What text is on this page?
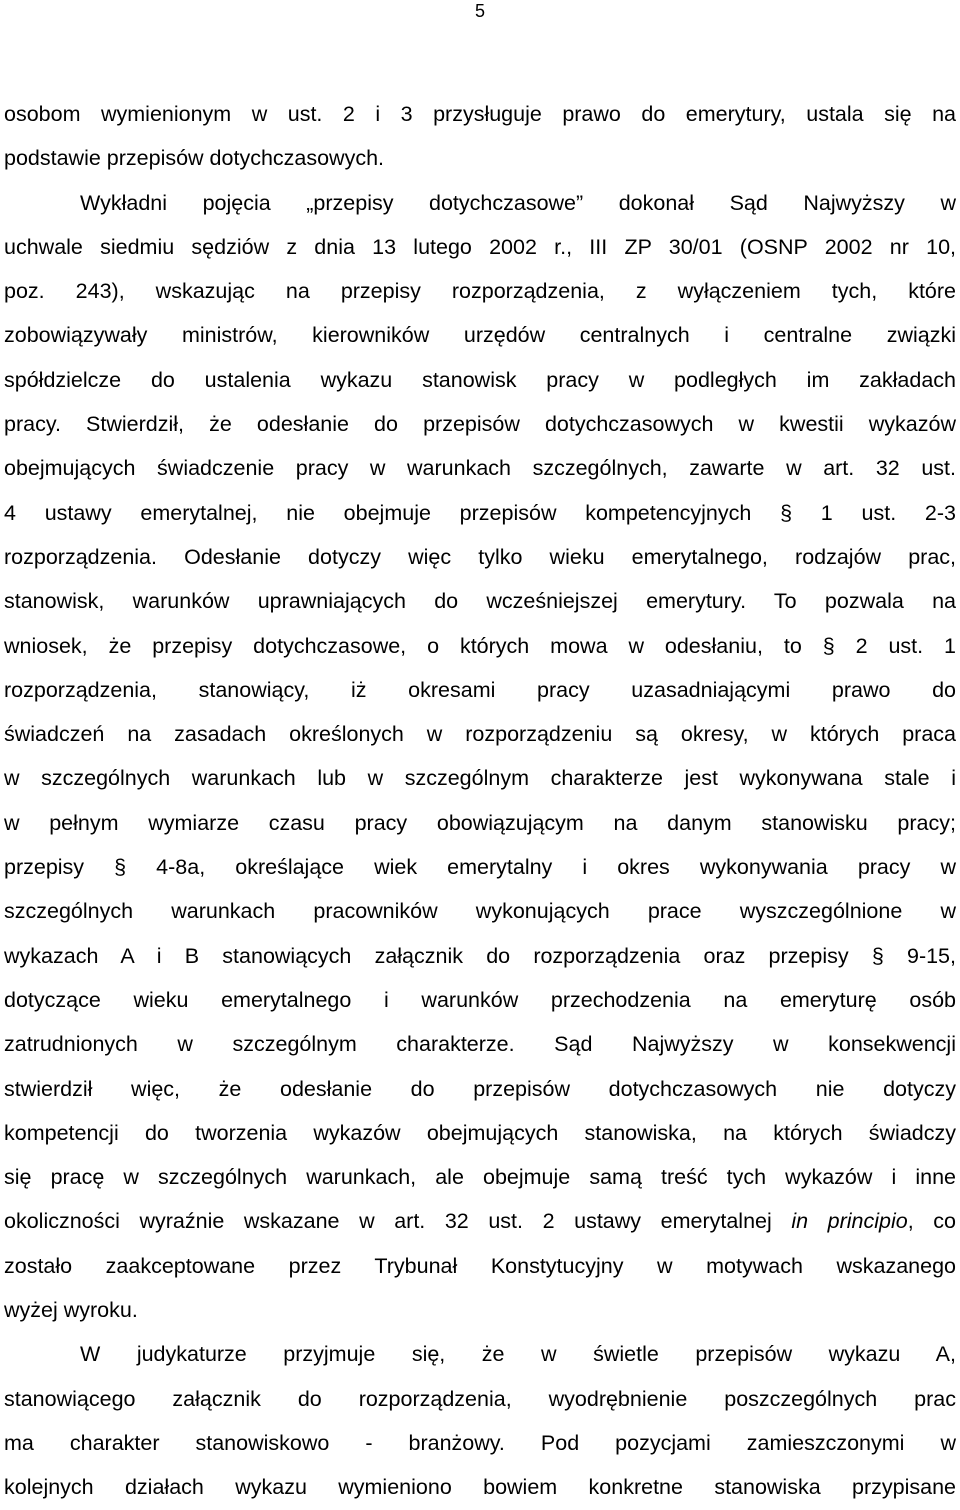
5
osobom wymienionym w ust. 2 i 3 przysługuje prawo do emerytury, ustala się na
podstawie przepisów dotychczasowych.
Wykładni pojęcia „przepisy dotychczasowe” dokonał Sąd Najwyższy w
uchwale siedmiu sędziów z dnia 13 lutego 2002 r., III ZP 30/01 (OSNP 2002 nr 10,
poz. 243), wskazując na przepisy rozporządzenia, z wyłączeniem tych, które
zobowiązywały ministrów, kierowników urzędów centralnych i centralne związki
spółdzielcze do ustalenia wykazu stanowisk pracy w podległych im zakładach
pracy. Stwierdził, że odesłanie do przepisów dotychczasowych w kwestii wykazów
obejmujących świadczenie pracy w warunkach szczególnych, zawarte w art. 32 ust.
4 ustawy emerytalnej, nie obejmuje przepisów kompetencyjnych § 1 ust. 2-3
rozporządzenia. Odesłanie dotyczy więc tylko wieku emerytalnego, rodzajów prac,
stanowisk, warunków uprawniających do wcześniejszej emerytury. To pozwala na
wniosek, że przepisy dotychczasowe, o których mowa w odesłaniu, to § 2 ust. 1
rozporządzenia, stanowiący, iż okresami pracy uzasadniającymi prawo do
świadczeń na zasadach określonych w rozporządzeniu są okresy, w których praca
w szczególnych warunkach lub w szczególnym charakterze jest wykonywana stale i
w pełnym wymiarze czasu pracy obowiązującym na danym stanowisku pracy;
przepisy § 4-8a, określające wiek emerytalny i okres wykonywania pracy w
szczególnych warunkach pracowników wykonujących prace wyszczególnione w
wykazach A i B stanowiących załącznik do rozporządzenia oraz przepisy § 9-15,
dotyczące wieku emerytalnego i warunków przechodzenia na emeryturę osób
zatrudnionych w szczególnym charakterze. Sąd Najwyższy w konsekwencji
stwierdził więc, że odesłanie do przepisów dotychczasowych nie dotyczy
kompetencji do tworzenia wykazów obejmujących stanowiska, na których świadczy
się pracę w szczególnych warunkach, ale obejmuje samą treść tych wykazów i inne
okoliczności wyraźnie wskazane w art. 32 ust. 2 ustawy emerytalnej in principio, co
zostało zaakceptowane przez Trybunał Konstytucyjny w motywach wskazanego
wyżej wyroku.
W judykaturze przyjmuje się, że w świetle przepisów wykazu A,
stanowiącego załącznik do rozporządzenia, wyodrębnienie poszczególnych prac
ma charakter stanowiskowo - branżowy. Pod pozycjami zamieszczonymi w
kolejnych działach wykazu wymieniono bowiem konkretne stanowiska przypisane
